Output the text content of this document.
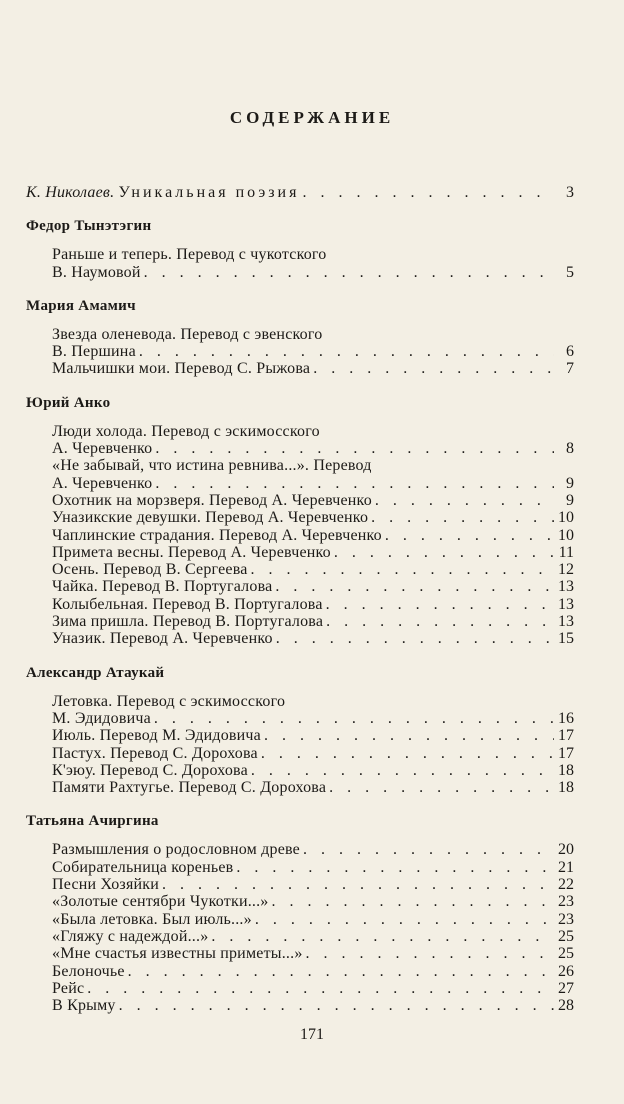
СОДЕРЖАНИЕ
К. Николаев. Уникальная поэзия . . .	3
Федор Тынэтэгин
Раньше и теперь. Перевод с чукотского
В. Наумовой . . .	5
Мария Амамич
Звезда оленевода. Перевод с эвенского
В. Першина . . .	6
Мальчишки мои. Перевод С. Рыжова . . .	7
Юрий Анко
Люди холода. Перевод с эскимосского
А. Черевченко . . .	8
«Не забывай, что истина ревнива...». Перевод
А. Черевченко . . .	9
Охотник на морзверя. Перевод А. Черевченко . . .	9
Уназикские девушки. Перевод А. Черевченко . . .	10
Чаплинские страдания. Перевод А. Черевченко . . .	10
Примета весны. Перевод А. Черевченко . . .	11
Осень. Перевод В. Сергеева . . .	12
Чайка. Перевод В. Португалова . . .	13
Колыбельная. Перевод В. Португалова . . .	13
Зима пришла. Перевод В. Португалова . . .	13
Уназик. Перевод А. Черевченко . . .	15
Александр Атаукай
Летовка. Перевод с эскимосского
М. Эдидовича . . .	16
Июль. Перевод М. Эдидовича . . .	17
Пастух. Перевод С. Дорохова . . .	17
К'эюу. Перевод С. Дорохова . . .	18
Памяти Рахтугье. Перевод С. Дорохова . . .	18
Татьяна Ачиргина
Размышления о родословном древе . . .	20
Собирательница кореньев . . .	21
Песни Хозяйки . . .	22
«Золотые сентябри Чукотки...» . . .	23
«Была летовка. Был июль...» . . .	23
«Гляжу с надеждой...» . . .	25
«Мне счастья известны приметы...» . . .	25
Белоночье . . .	26
Рейс . . .	27
В Крыму . . .	28
171
